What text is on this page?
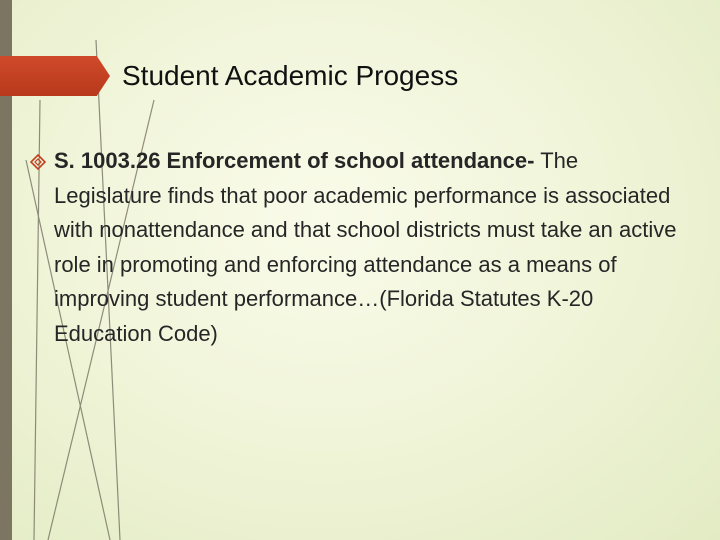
Student Academic Progess
S. 1003.26 Enforcement of school attendance- The Legislature finds that poor academic performance is associated with nonattendance and that school districts must take an active role in promoting and enforcing attendance as a means of improving student performance…(Florida Statutes K-20 Education Code)
